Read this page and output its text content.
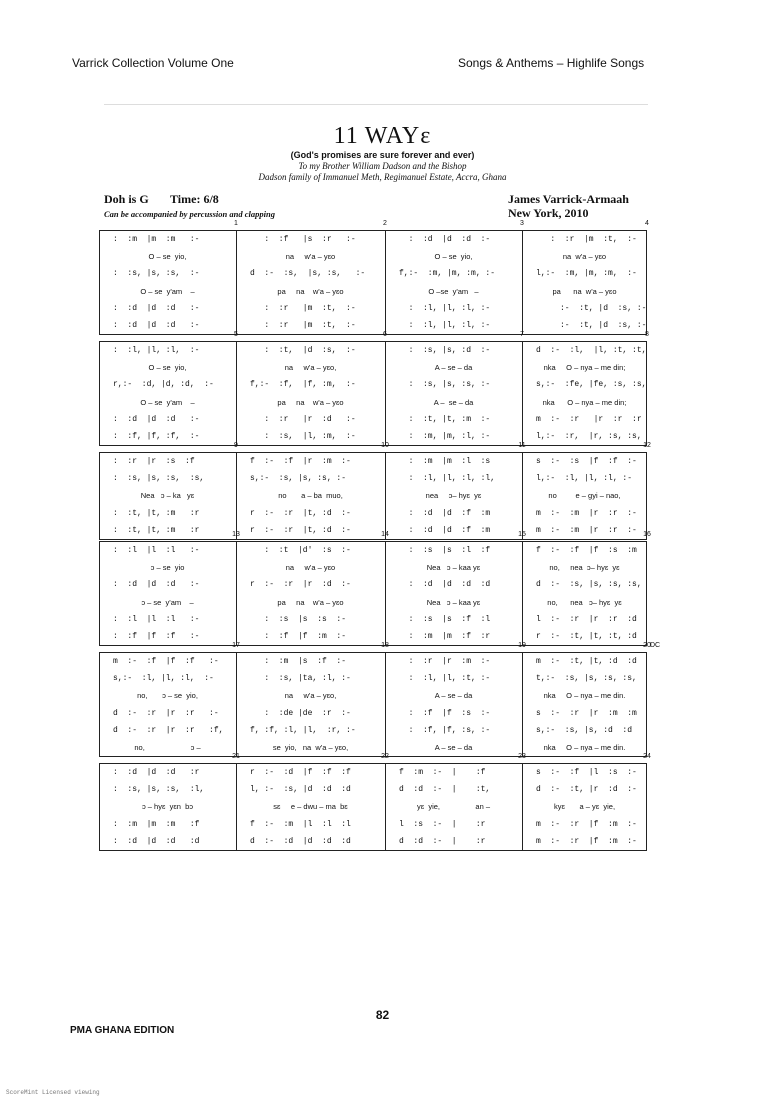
Varrick Collection Volume One	Songs & Anthems – Highlife Songs
11 WAYɛ
(God's promises are sure forever and ever)
To my Brother William Dadson and the Bishop
Dadson family of Immanuel Meth, Regimanuel Estate, Accra, Ghana
Doh is G Time: 6/8	James Varrick-Armaah
New York, 2010
Can be accompanied by percussion and clapping
1	2	3	4
:  :m  |m  :m   :-	:  :f   |s  :r   :-	:  :d  |d  :d  :-	:  :r  |m  :t,  :-
O – se  yio,	na     w'a – yɛo	O – se  yio,	na  w'a – yɛo
:  :s, |s, :s,  :-	d  :-  :s,  |s, :s,   :-	f,:-  :m, |m, :m, :-	l,:-  :m, |m, :m,  :-
O – se  y'am    –	pa     na    w'a – yɛo	O –se  y'am   –	pa      na  w'a – yɛo
:  :d  |d  :d   :-	:  :r   |m  :t,  :-	:  :l, |l, :l, :-	:-  :t, |d  :s, :-
:  :d  |d  :d   :-	:  :r   |m  :t,  :-	:  :l, |l, :l, :-	:-  :t, |d  :s, :-
5	6	7	8
:  :l, |l, :l,  :-	:  :t,  |d  :s,  :-	:  :s, |s, :d  :-	d  :-  :l,  |l, :t, :t,
O – se  yio,	na     w'a – yɛo,	A – se – da	nka     O – nya – me din;
r,:-  :d, |d, :d,  :-	f,:-  :f,  |f, :m,  :-	:  :s, |s, :s, :-	s,:-  :fe, |fe, :s, :s,
O – se  y'am    –	pa     na    w'a – yɛo	A –  se – da	nka      O – nya – me din;
:  :d  |d  :d   :-	:  :r   |r  :d   :-	:  :t, |t, :m  :-	m  :-  :r   |r  :r  :r
:  :f, |f, :f,  :-	:  :s,  |l, :m,  :-	:  :m, |m, :l, :-	l,:-  :r,  |r, :s, :s,
9	10	11	12
:  :r  |r  :s  :f	f  :-  :f  |r  :m  :-	:  :m  |m  :l  :s	s  :-  :s  |f  :f  :-
:  :s, |s, :s,  :s,	s,:-  :s, |s, :s, :-	:  :l, |l, :l, :l,	l,:-  :l, |l, :l, :-
Nea   ɔ – ka   yɛ	no       a – ba  muo,	nea     ɔ– hyɛ  yɛ	no         e – gyi – nao,
:  :t, |t, :m   :r	r  :-  :r  |t, :d  :-	:  :d  |d  :f  :m	m  :-  :m  |r  :r  :-
:  :t, |t, :m   :r	r  :-  :r  |t, :d  :-	:  :d  |d  :f  :m	m  :-  :m  |r  :r  :-
13	14	15	16
:  :l  |l  :l   :-	:  :t  |d'  :s  :-	:  :s  |s  :l  :f	f  :-  :f  |f  :s  :m
ɔ – se  yio	na     w'a – yɛo	Nea   ɔ – kaa yɛ	no,     nea  ɔ– hyɛ  yɛ
:  :d  |d  :d   :-	r  :-  :r  |r  :d  :-	:  :d  |d  :d  :d	d  :-  :s, |s, :s, :s,
ɔ – se  y'am    –	pa     na    w'a – yɛo	Nea   ɔ – kaa yɛ	no,      nea   ɔ– hyɛ  yɛ
:  :l  |l  :l   :-	:  :s  |s  :s  :-	:  :s  |s  :f  :l	l  :-  :r  |r  :r  :d
:  :f  |f  :f   :-	:  :f  |f  :m  :-	:  :m  |m  :f  :r	r  :-  :t, |t, :t, :d
17	18	19	20 DC
m  :-  :f  |f  :f   :-	:  :m  |s  :f  :-	:  :r  |r  :m  :-	m  :-  :t, |t, :d  :d
s,:-  :l, |l, :l,  :-	:  :s, |ta, :l, :-	:  :l, |l, :t, :-	t,:-  :s, |s, :s, :s,
no,       ɔ – se  yio,	na     w'a – yɛo,	A – se – da	nka     O – nya – me din.
d  :-  :r  |r  :r   :-	:  :de |de  :r  :-	:  :f  |f  :s  :-	s  :-  :r  |r  :m  :m
d  :-  :r  |r  :r   :f,	f, :f, :l, |l,  :r, :-	:  :f, |f, :s, :-	s,:-  :s, |s, :d  :d
no,                      ɔ –	se  yio,   na  w'a – yɛo,	A – se – da	nka     O – nya – me din.
21	22	23	24
:  :d  |d  :d   :r	r  :-  :d  |f  :f  :f	f  :m  :-  |    :f	s  :-  :f  |l  :s  :-
:  :s, |s, :s,  :l,	l, :-  :s, |d  :d  :d	d  :d  :-  |    :t,	d  :-  :t, |r  :d  :-
ɔ – hyɛ  yɛn  bɔ	sɛ     e – dwu – ma  bɛ	yɛ  yie,                 an –	kyɛ       a – yɛ  yie,
:  :m  |m  :m   :f	f  :-  :m  |l  :l  :l	l  :s  :-  |    :r	m  :-  :r  |f  :m  :-
:  :d  |d  :d   :d	d  :-  :d  |d  :d  :d	d  :d  :-  |    :r	m  :-  :r  |f  :m  :-
82
PMA GHANA EDITION
ScoreMint Licensed viewing
